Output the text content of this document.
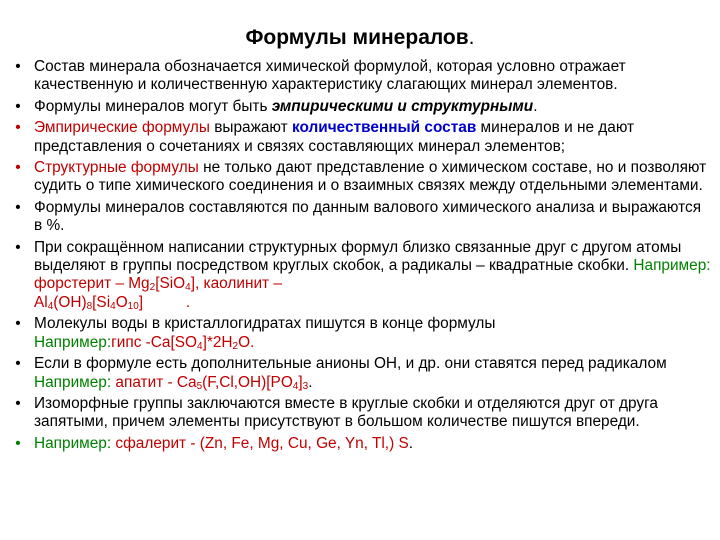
Формулы минералов.
• Состав минерала обозначается химической формулой, которая условно отражает качественную и количественную характеристику слагающих минерал элементов.
• Формулы минералов могут быть эмпирическими и структурными.
• Эмпирические формулы выражают количественный состав минералов и не дают представления о сочетаниях и связях составляющих минерал элементов;
• Структурные формулы не только дают представление о химическом составе, но и позволяют судить о типе химического соединения и о взаимных связях между отдельными элементами.
• Формулы минералов составляются по данным валового химического анализа и выражаются в %.
• При сокращённом написании структурных формул близко связанные друг с другом атомы выделяют в группы посредством круглых скобок, а радикалы – квадратные скобки. Например: форстерит – $Mg_2[SiO_4]$, каолинит –
$Al_4(OH)_8[Si_4O_{10}]$          .
• Молекулы воды в кристаллогидратах пишутся в конце формулы
Например:гипс $-Ca[SO_4]*2H_2O$.
• Если в формуле есть дополнительные анионы ОН, и др. они ставятся перед радикалом Например: апатит - $Ca_5(F,Cl,OH)[PO_4]_3$.
• Изоморфные группы заключаются вместе в круглые скобки и отделяются друг от друга запятыми, причем элементы присутствуют в большом количестве пишутся впереди.
• Например: сфалерит - (Zn, Fe, Mg, Cu, Ge, Yn, Tl,) S.
